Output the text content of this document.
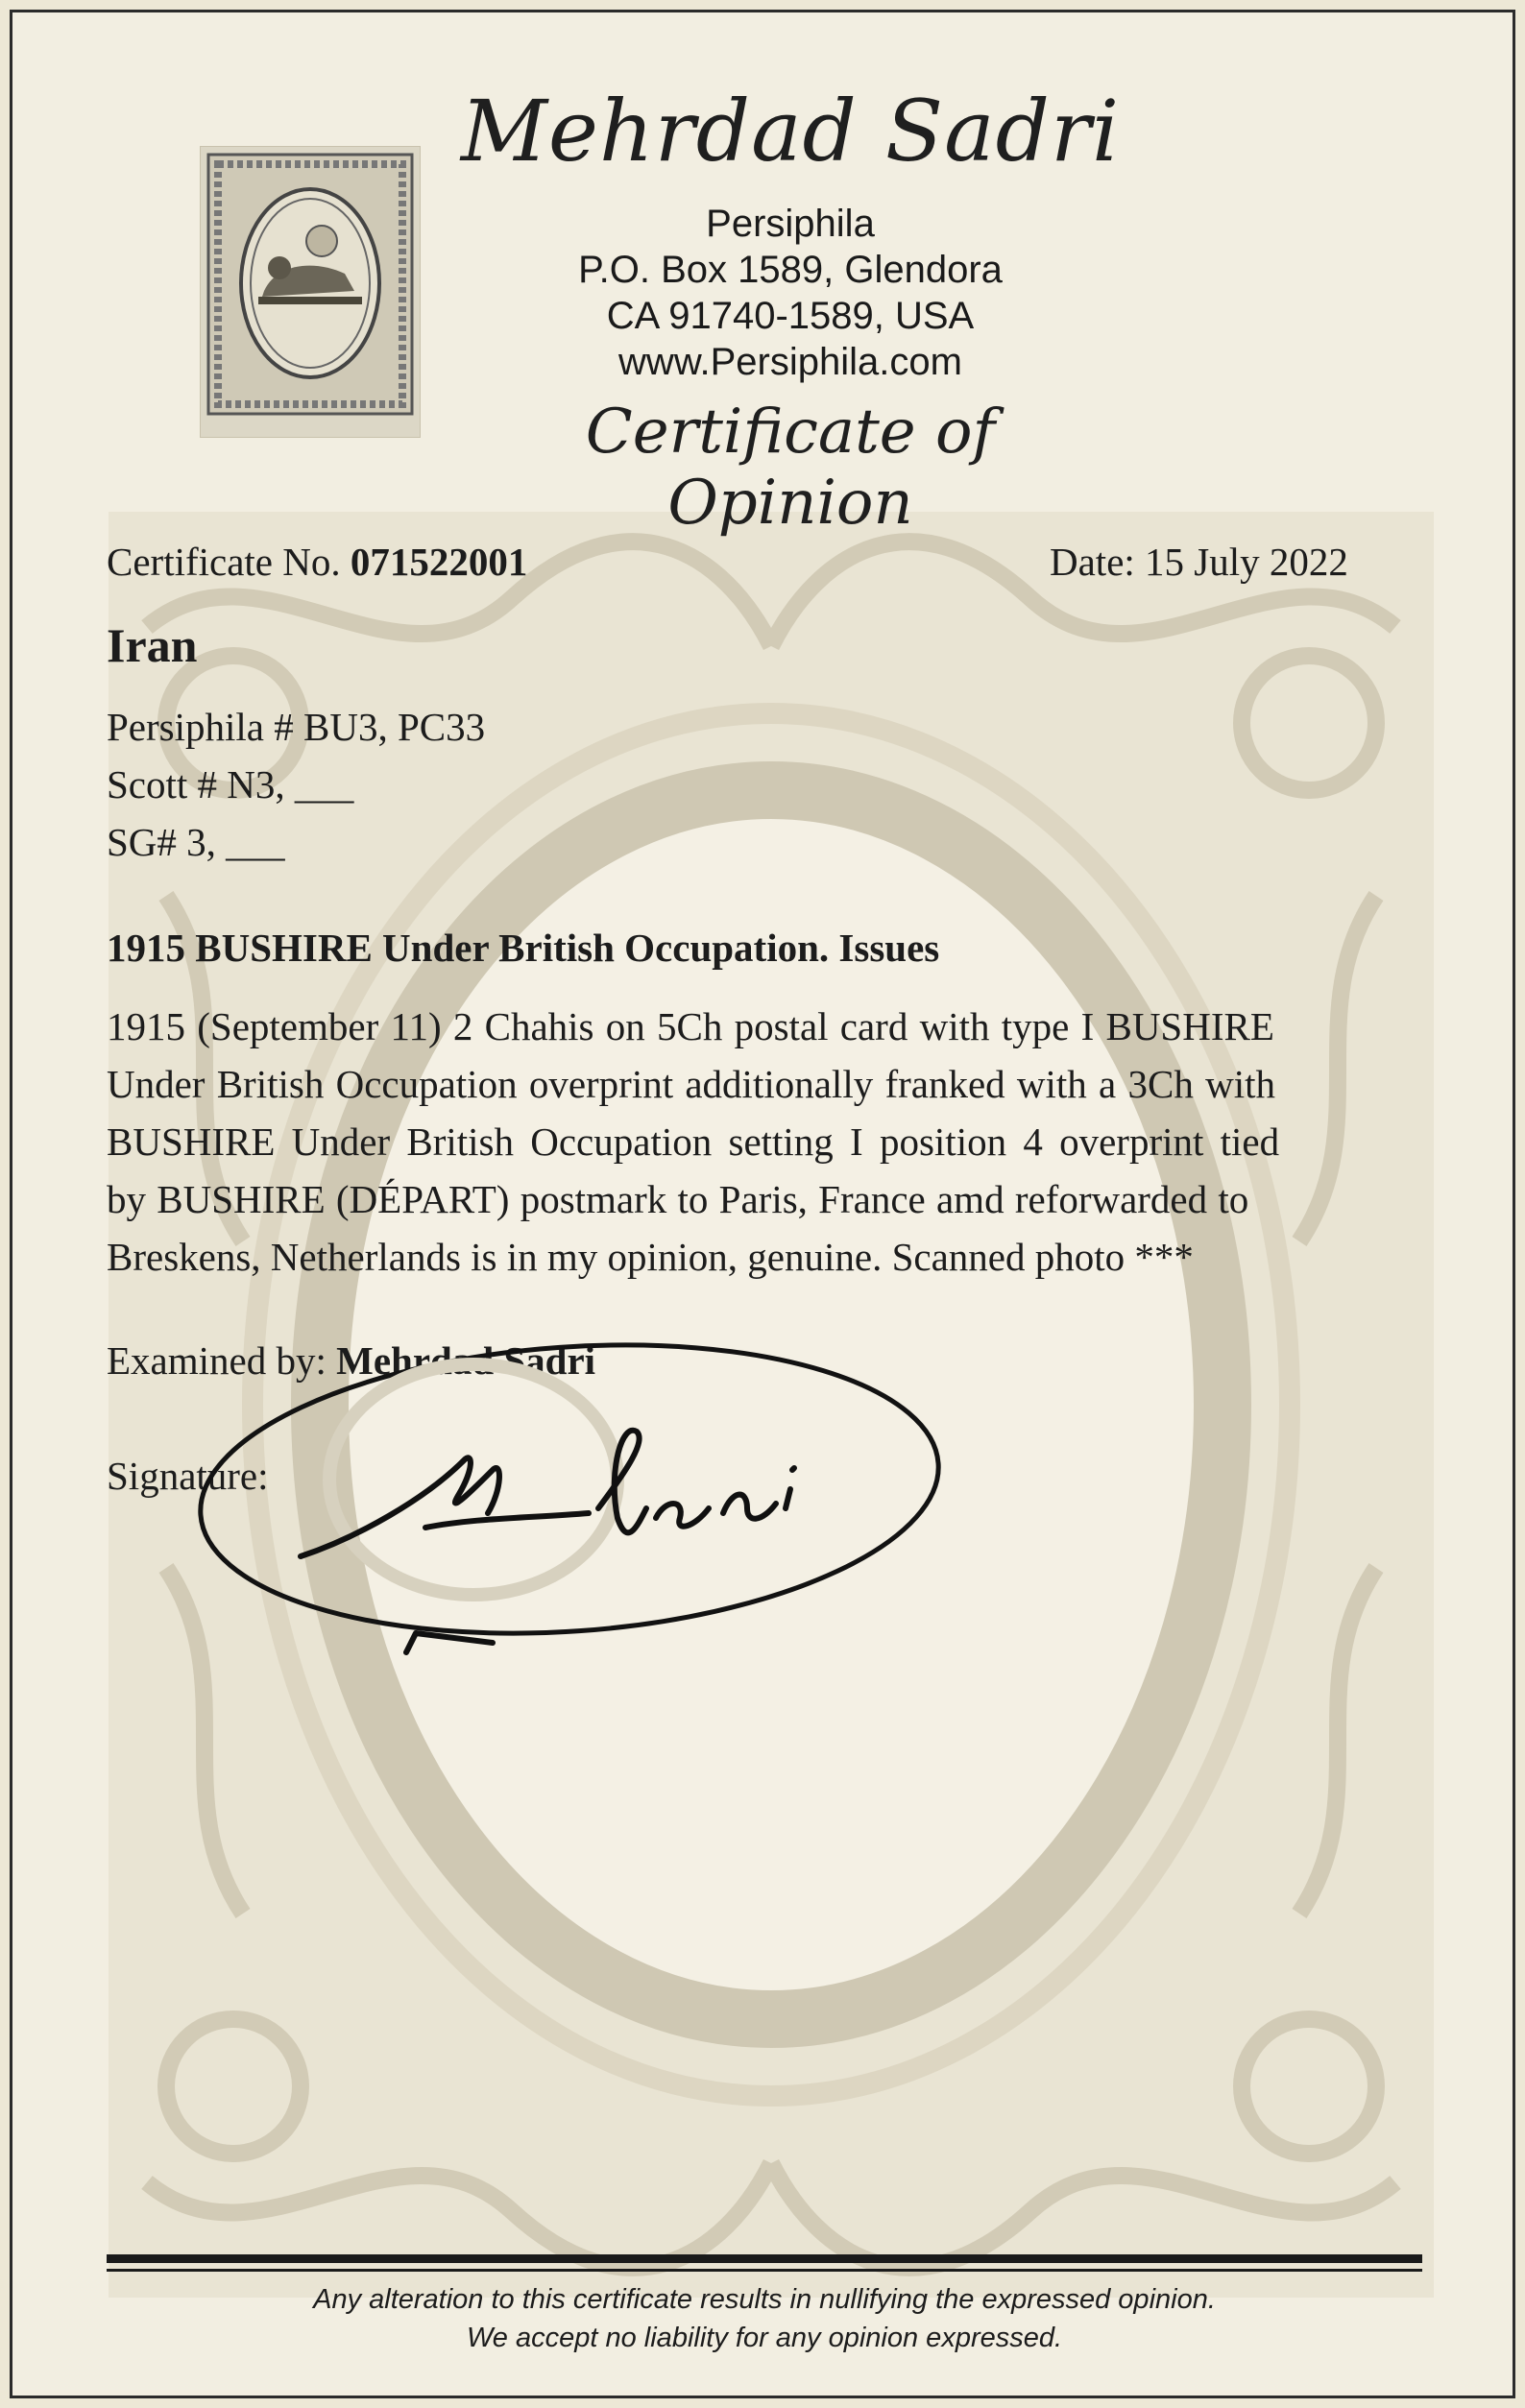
Mehrdad Sadri
Persiphila
P.O. Box 1589, Glendora
CA 91740-1589, USA
www.Persiphila.com
Certificate of Opinion
Certificate No. 071522001	Date: 15 July 2022
Iran
Persiphila # BU3, PC33
Scott # N3, ___
SG# 3, ___
1915 BUSHIRE Under British Occupation. Issues
1915 (September 11) 2 Chahis on 5Ch postal card with type I BUSHIRE
Under British Occupation overprint additionally franked with a 3Ch with
BUSHIRE Under British Occupation setting I position 4 overprint tied
by BUSHIRE (DÉPART) postmark to Paris, France amd reforwarded to
Breskens, Netherlands is in my opinion, genuine. Scanned photo ***
Examined by: Mehrdad Sadri
Signature:
Any alteration to this certificate results in nullifying the expressed opinion.
We accept no liability for any opinion expressed.
